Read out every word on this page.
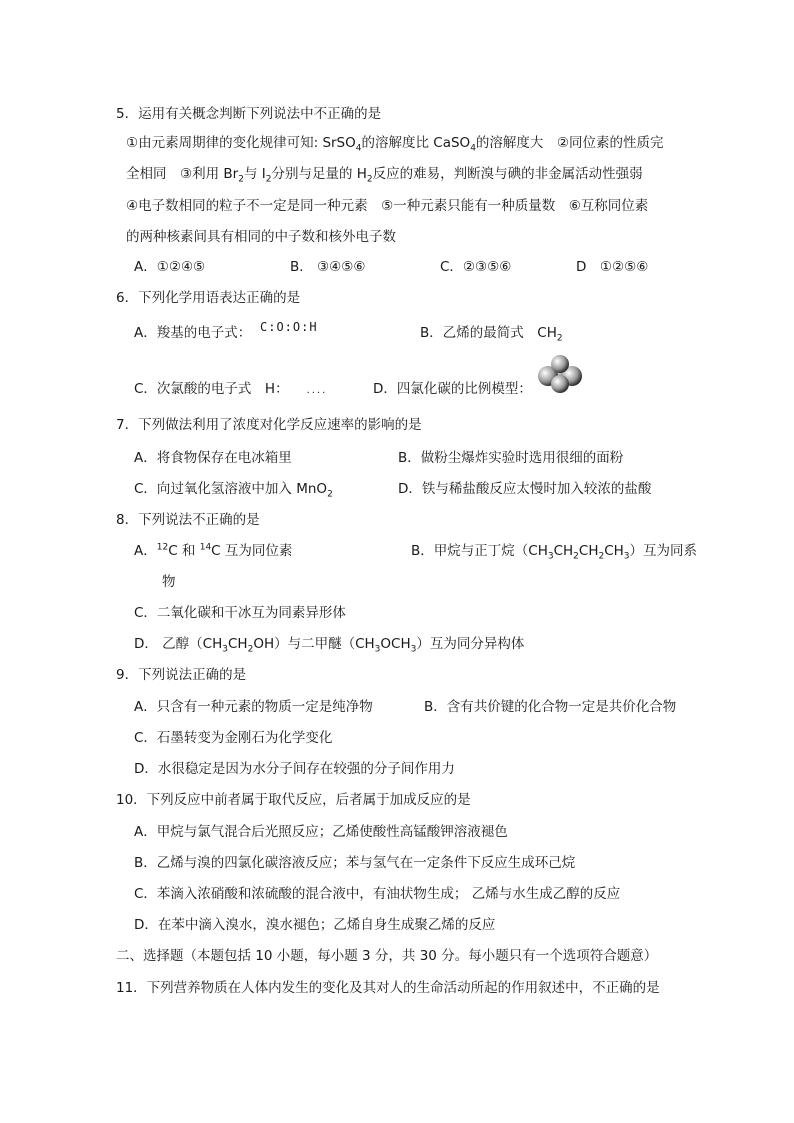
5．运用有关概念判断下列说法中不正确的是
①由元素周期律的变化规律可知: SrSO$_4$的溶解度比 CaSO$_4$的溶解度大　②同位素的性质完
全相同　③利用 $Br_2$与 $I_2$分别与足量的 $H_2$反应的难易，判断溴与碘的非金属活动性强弱
④电子数相同的粒子不一定是同一种元素　⑤一种元素只能有一种质量数　⑥互称同位素
的两种核素间具有相同的中子数和核外电子数
A．①②④⑤	B． ③④⑤⑥	C．②③⑤⑥	D　①②⑤⑥
6．下列化学用语表达正确的是
A．羧基的电子式： C:O:O:H	B．乙烯的最简式　$CH_2$
C．次氯酸的电子式　H： ....	D．四氯化碳的比例模型：
7．下列做法利用了浓度对化学反应速率的影响的是
A．将食物保存在电冰箱里	B．做粉尘爆炸实验时选用很细的面粉
C．向过氧化氢溶液中加入 MnO$_2$	D．铁与稀盐酸反应太慢时加入较浓的盐酸
8．下列说法不正确的是
A．$^{12}$C 和 $^{14}$C 互为同位素	B．甲烷与正丁烷$(CH_3CH_2CH_2CH_3)$互为同系
物
C．二氧化碳和干冰互为同素异形体
D． 乙醇$(CH_3CH_2OH)$与二甲醚$(CH_3OCH_3)$互为同分异构体
9．下列说法正确的是
A．只含有一种元素的物质一定是纯净物	B．含有共价键的化合物一定是共价化合物
C．石墨转变为金刚石为化学变化
D．水很稳定是因为水分子间存在较强的分子间作用力
10．下列反应中前者属于取代反应，后者属于加成反应的是
A．甲烷与氯气混合后光照反应；乙烯使酸性高锰酸钾溶液褪色
B．乙烯与溴的四氯化碳溶液反应；苯与氢气在一定条件下反应生成环己烷
C．苯滴入浓硝酸和浓硫酸的混合液中，有油状物生成； 乙烯与水生成乙醇的反应
D．在苯中滴入溴水，溴水褪色；乙烯自身生成聚乙烯的反应
二、选择题（本题包括 10 小题，每小题 3 分，共 30 分。每小题只有一个选项符合题意）
11．下列营养物质在人体内发生的变化及其对人的生命活动所起的作用叙述中，不正确的是
